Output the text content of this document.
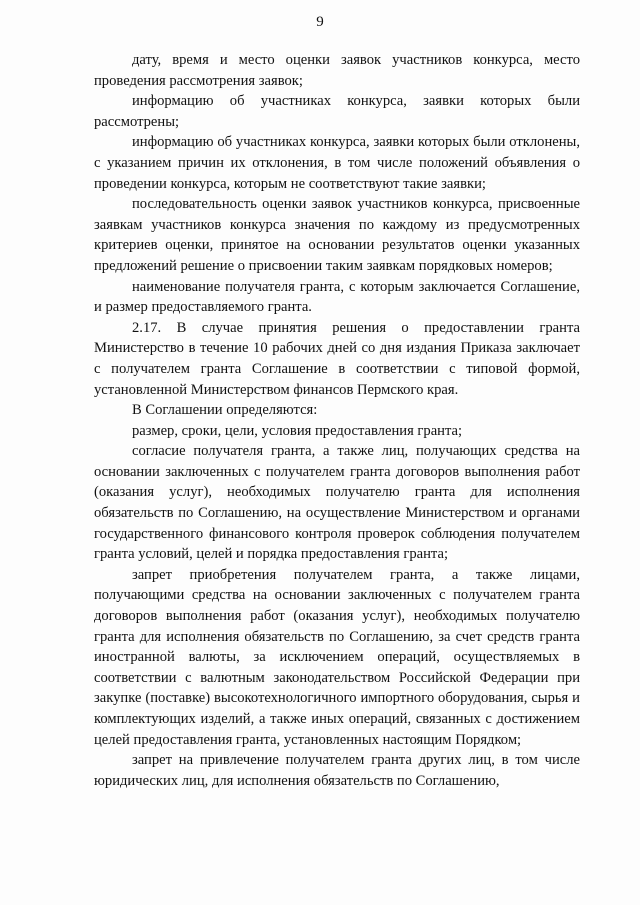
9

дату, время и место оценки заявок участников конкурса, место проведения рассмотрения заявок;

информацию об участниках конкурса, заявки которых были рассмотрены;

информацию об участниках конкурса, заявки которых были отклонены, с указанием причин их отклонения, в том числе положений объявления о проведении конкурса, которым не соответствуют такие заявки;

последовательность оценки заявок участников конкурса, присвоенные заявкам участников конкурса значения по каждому из предусмотренных критериев оценки, принятое на основании результатов оценки указанных предложений решение о присвоении таким заявкам порядковых номеров;

наименование получателя гранта, с которым заключается Соглашение, и размер предоставляемого гранта.

2.17. В случае принятия решения о предоставлении гранта Министерство в течение 10 рабочих дней со дня издания Приказа заключает с получателем гранта Соглашение в соответствии с типовой формой, установленной Министерством финансов Пермского края.

В Соглашении определяются:

размер, сроки, цели, условия предоставления гранта;

согласие получателя гранта, а также лиц, получающих средства на основании заключенных с получателем гранта договоров выполнения работ (оказания услуг), необходимых получателю гранта для исполнения обязательств по Соглашению, на осуществление Министерством и органами государственного финансового контроля проверок соблюдения получателем гранта условий, целей и порядка предоставления гранта;

запрет приобретения получателем гранта, а также лицами, получающими средства на основании заключенных с получателем гранта договоров выполнения работ (оказания услуг), необходимых получателю гранта для исполнения обязательств по Соглашению, за счет средств гранта иностранной валюты, за исключением операций, осуществляемых в соответствии с валютным законодательством Российской Федерации при закупке (поставке) высокотехнологичного импортного оборудования, сырья и комплектующих изделий, а также иных операций, связанных с достижением целей предоставления гранта, установленных настоящим Порядком;

запрет на привлечение получателем гранта других лиц, в том числе юридических лиц, для исполнения обязательств по Соглашению,
